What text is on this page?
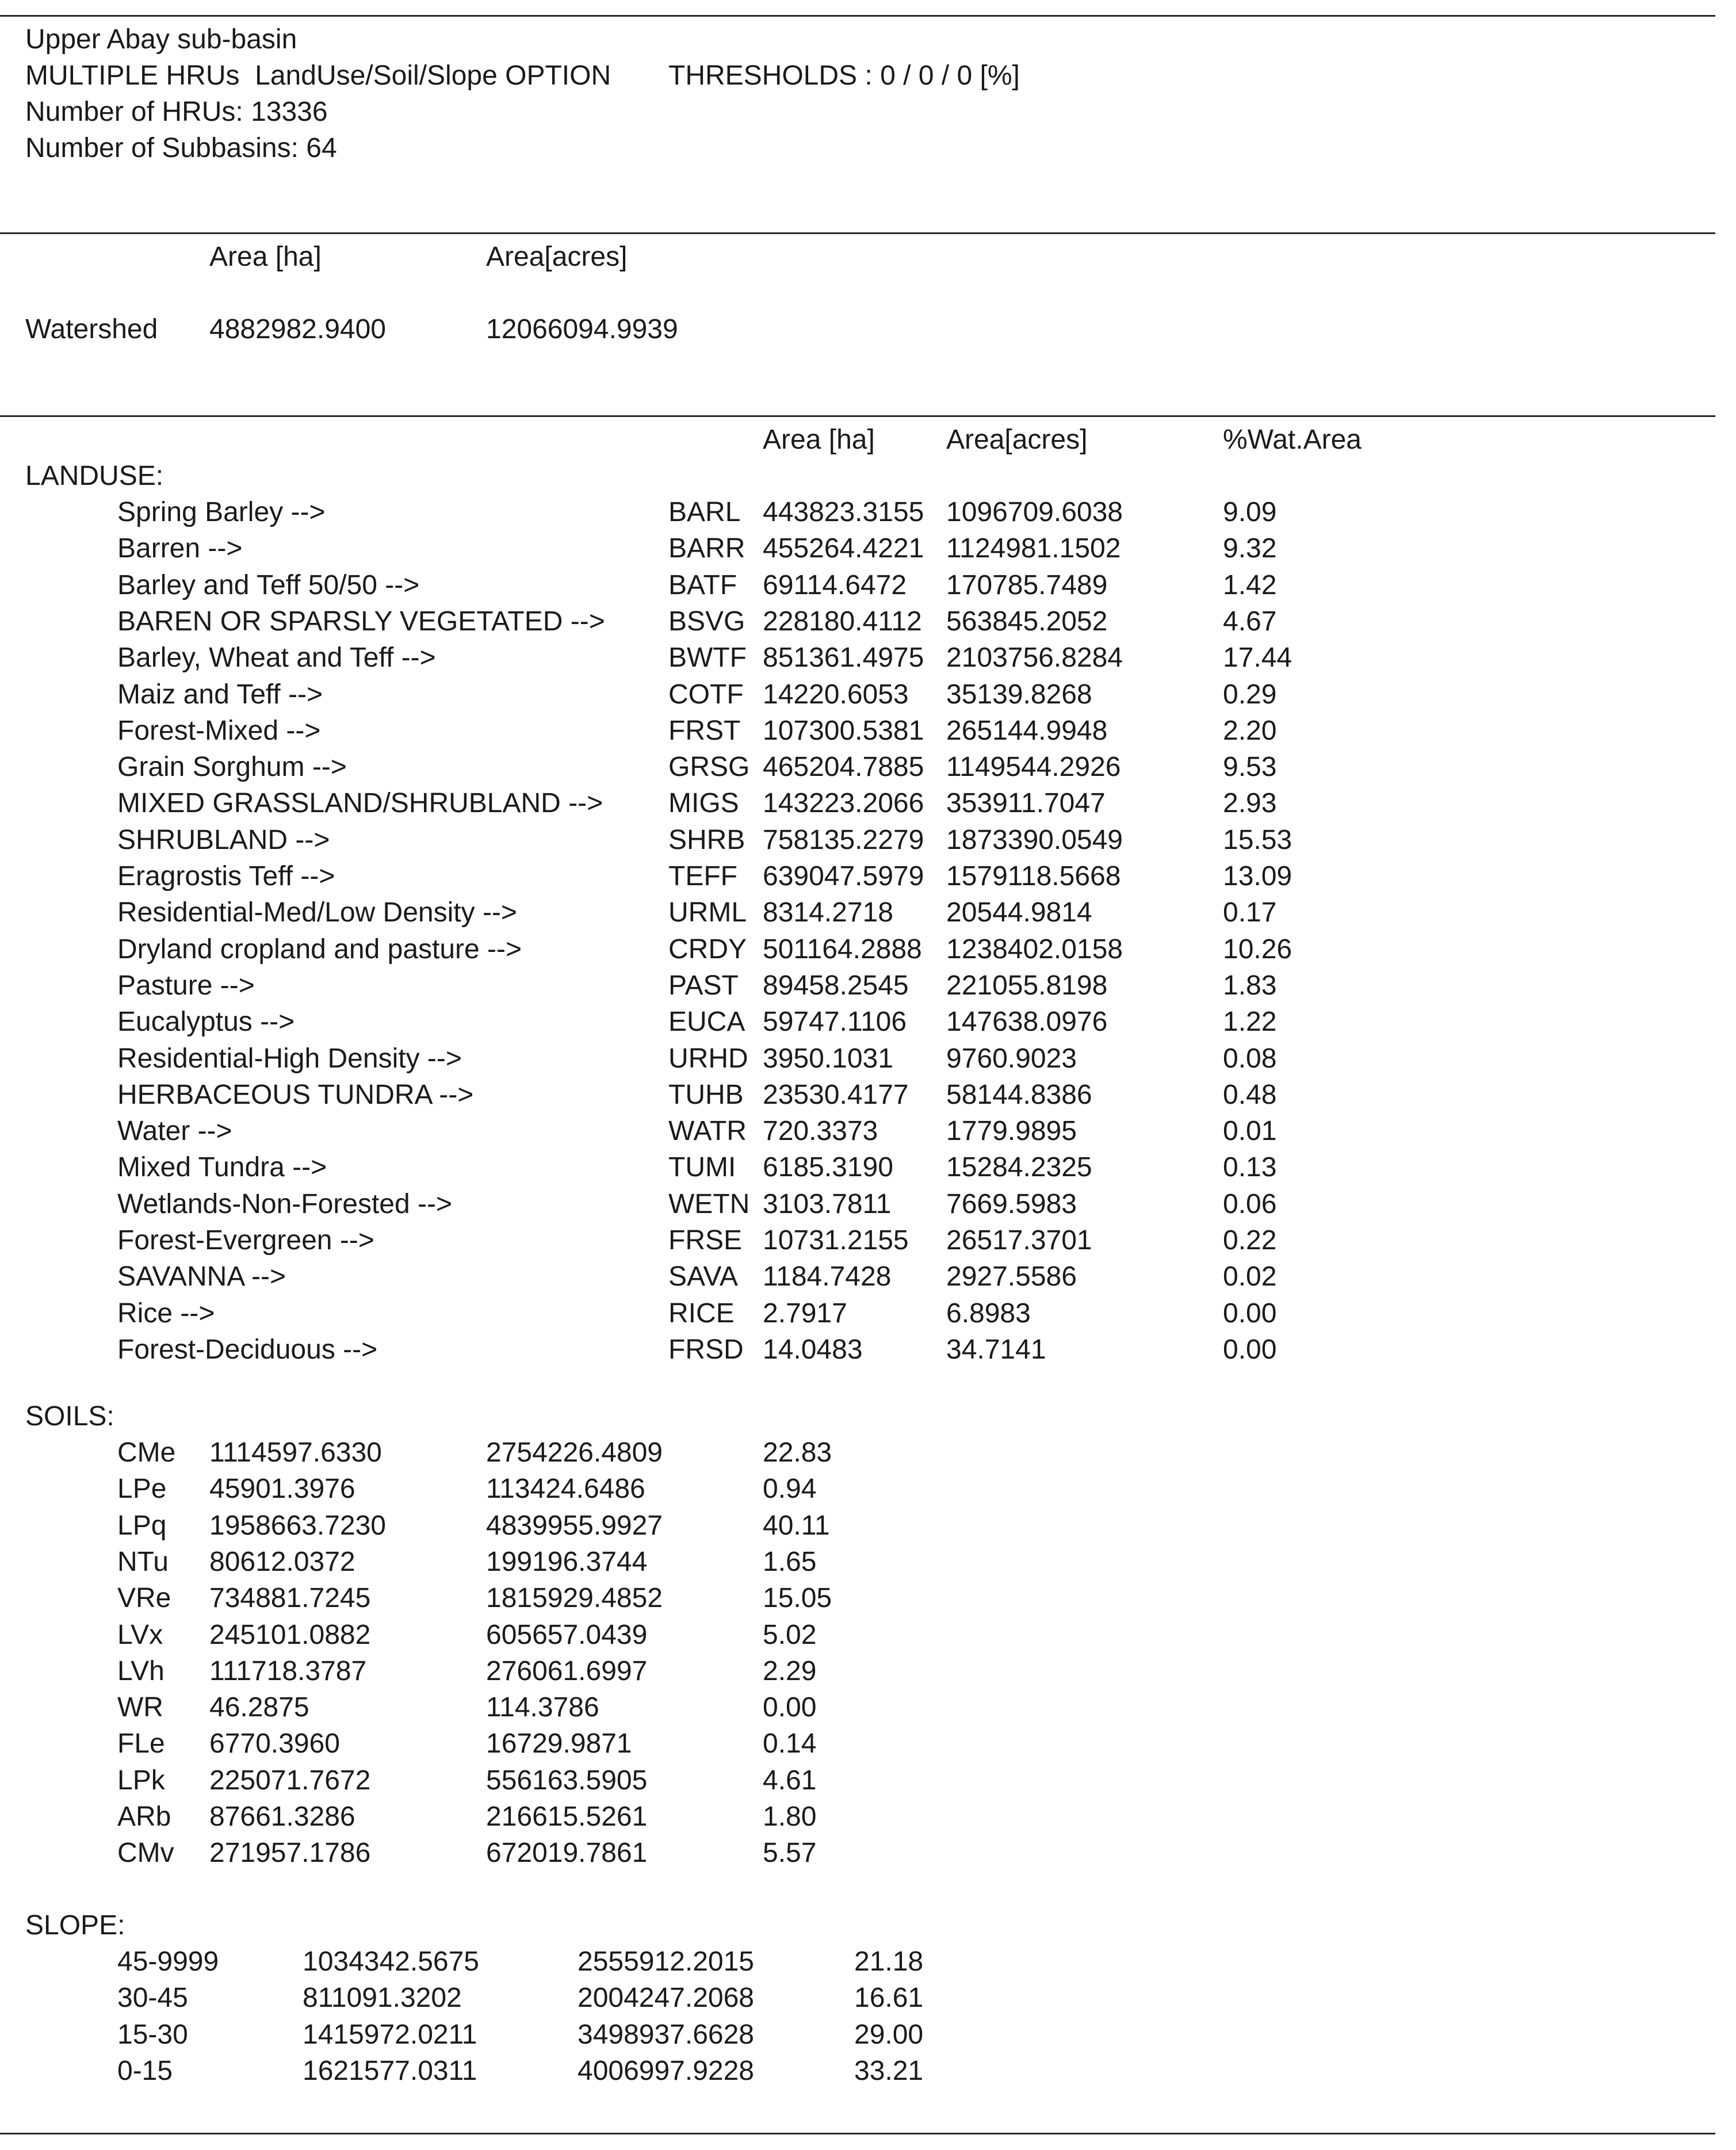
Upper Abay sub-basin
MULTIPLE HRUs  LandUse/Soil/Slope OPTION THRESHOLDS : 0 / 0 / 0 [%]
Number of HRUs: 13336
Number of Subbasins: 64
Area [ha]	Area[acres]
Watershed 4882982.9400	12066094.9939
Area [ha]	Area[acres]	%Wat.Area
LANDUSE:
Spring Barley -->	BARL 443823.3155 1096709.6038	9.09
Barren -->	BARR 455264.4221 1124981.1502	9.32
Barley and Teff 50/50 -->	BATF 69114.6472 170785.7489	1.42
BAREN OR SPARSLY VEGETATED --> BSVG 228180.4112 563845.2052	4.67
Barley, Wheat and Teff -->	BWTF 851361.4975 2103756.8284	17.44
Maiz and Teff -->	COTF 14220.6053 35139.8268	0.29
Forest-Mixed -->	FRST 107300.5381 265144.9948	2.20
Grain Sorghum -->	GRSG 465204.7885 1149544.2926	9.53
MIXED GRASSLAND/SHRUBLAND --> MIGS 143223.2066 353911.7047	2.93
SHRUBLAND -->	SHRB 758135.2279 1873390.0549	15.53
Eragrostis Teff -->	TEFF 639047.5979 1579118.5668	13.09
Residential-Med/Low Density -->	URML 8314.2718 20544.9814	0.17
Dryland cropland and pasture -->	CRDY 501164.2888 1238402.0158	10.26
Pasture -->	PAST 89458.2545 221055.8198	1.83
Eucalyptus -->	EUCA 59747.1106 147638.0976	1.22
Residential-High Density -->	URHD 3950.1031 9760.9023	0.08
HERBACEOUS TUNDRA -->	TUHB 23530.4177 58144.8386	0.48
Water -->	WATR 720.3373 1779.9895	0.01
Mixed Tundra -->	TUMI 6185.3190 15284.2325	0.13
Wetlands-Non-Forested -->	WETN 3103.7811 7669.5983	0.06
Forest-Evergreen -->	FRSE 10731.2155 26517.3701	0.22
SAVANNA -->	SAVA 1184.7428 2927.5586	0.02
Rice -->	RICE 2.7917	6.8983	0.00
Forest-Deciduous -->	FRSD 14.0483	34.7141	0.00
SOILS:
CMe 1114597.6330	2754226.4809	22.83
LPe 45901.3976	113424.6486	0.94
LPq 1958663.7230	4839955.9927	40.11
NTu 80612.0372	199196.3744	1.65
VRe 734881.7245	1815929.4852	15.05
LVx 245101.0882	605657.0439	5.02
LVh 111718.3787	276061.6997	2.29
WR 46.2875	114.3786	0.00
FLe 6770.3960	16729.9871	0.14
LPk 225071.7672	556163.5905	4.61
ARb 87661.3286	216615.5261	1.80
CMv 271957.1786	672019.7861	5.57
SLOPE:
45-9999	1034342.5675	2555912.2015	21.18
30-45	811091.3202	2004247.2068	16.61
15-30	1415972.0211	3498937.6628	29.00
0-15	1621577.0311	4006997.9228	33.21
